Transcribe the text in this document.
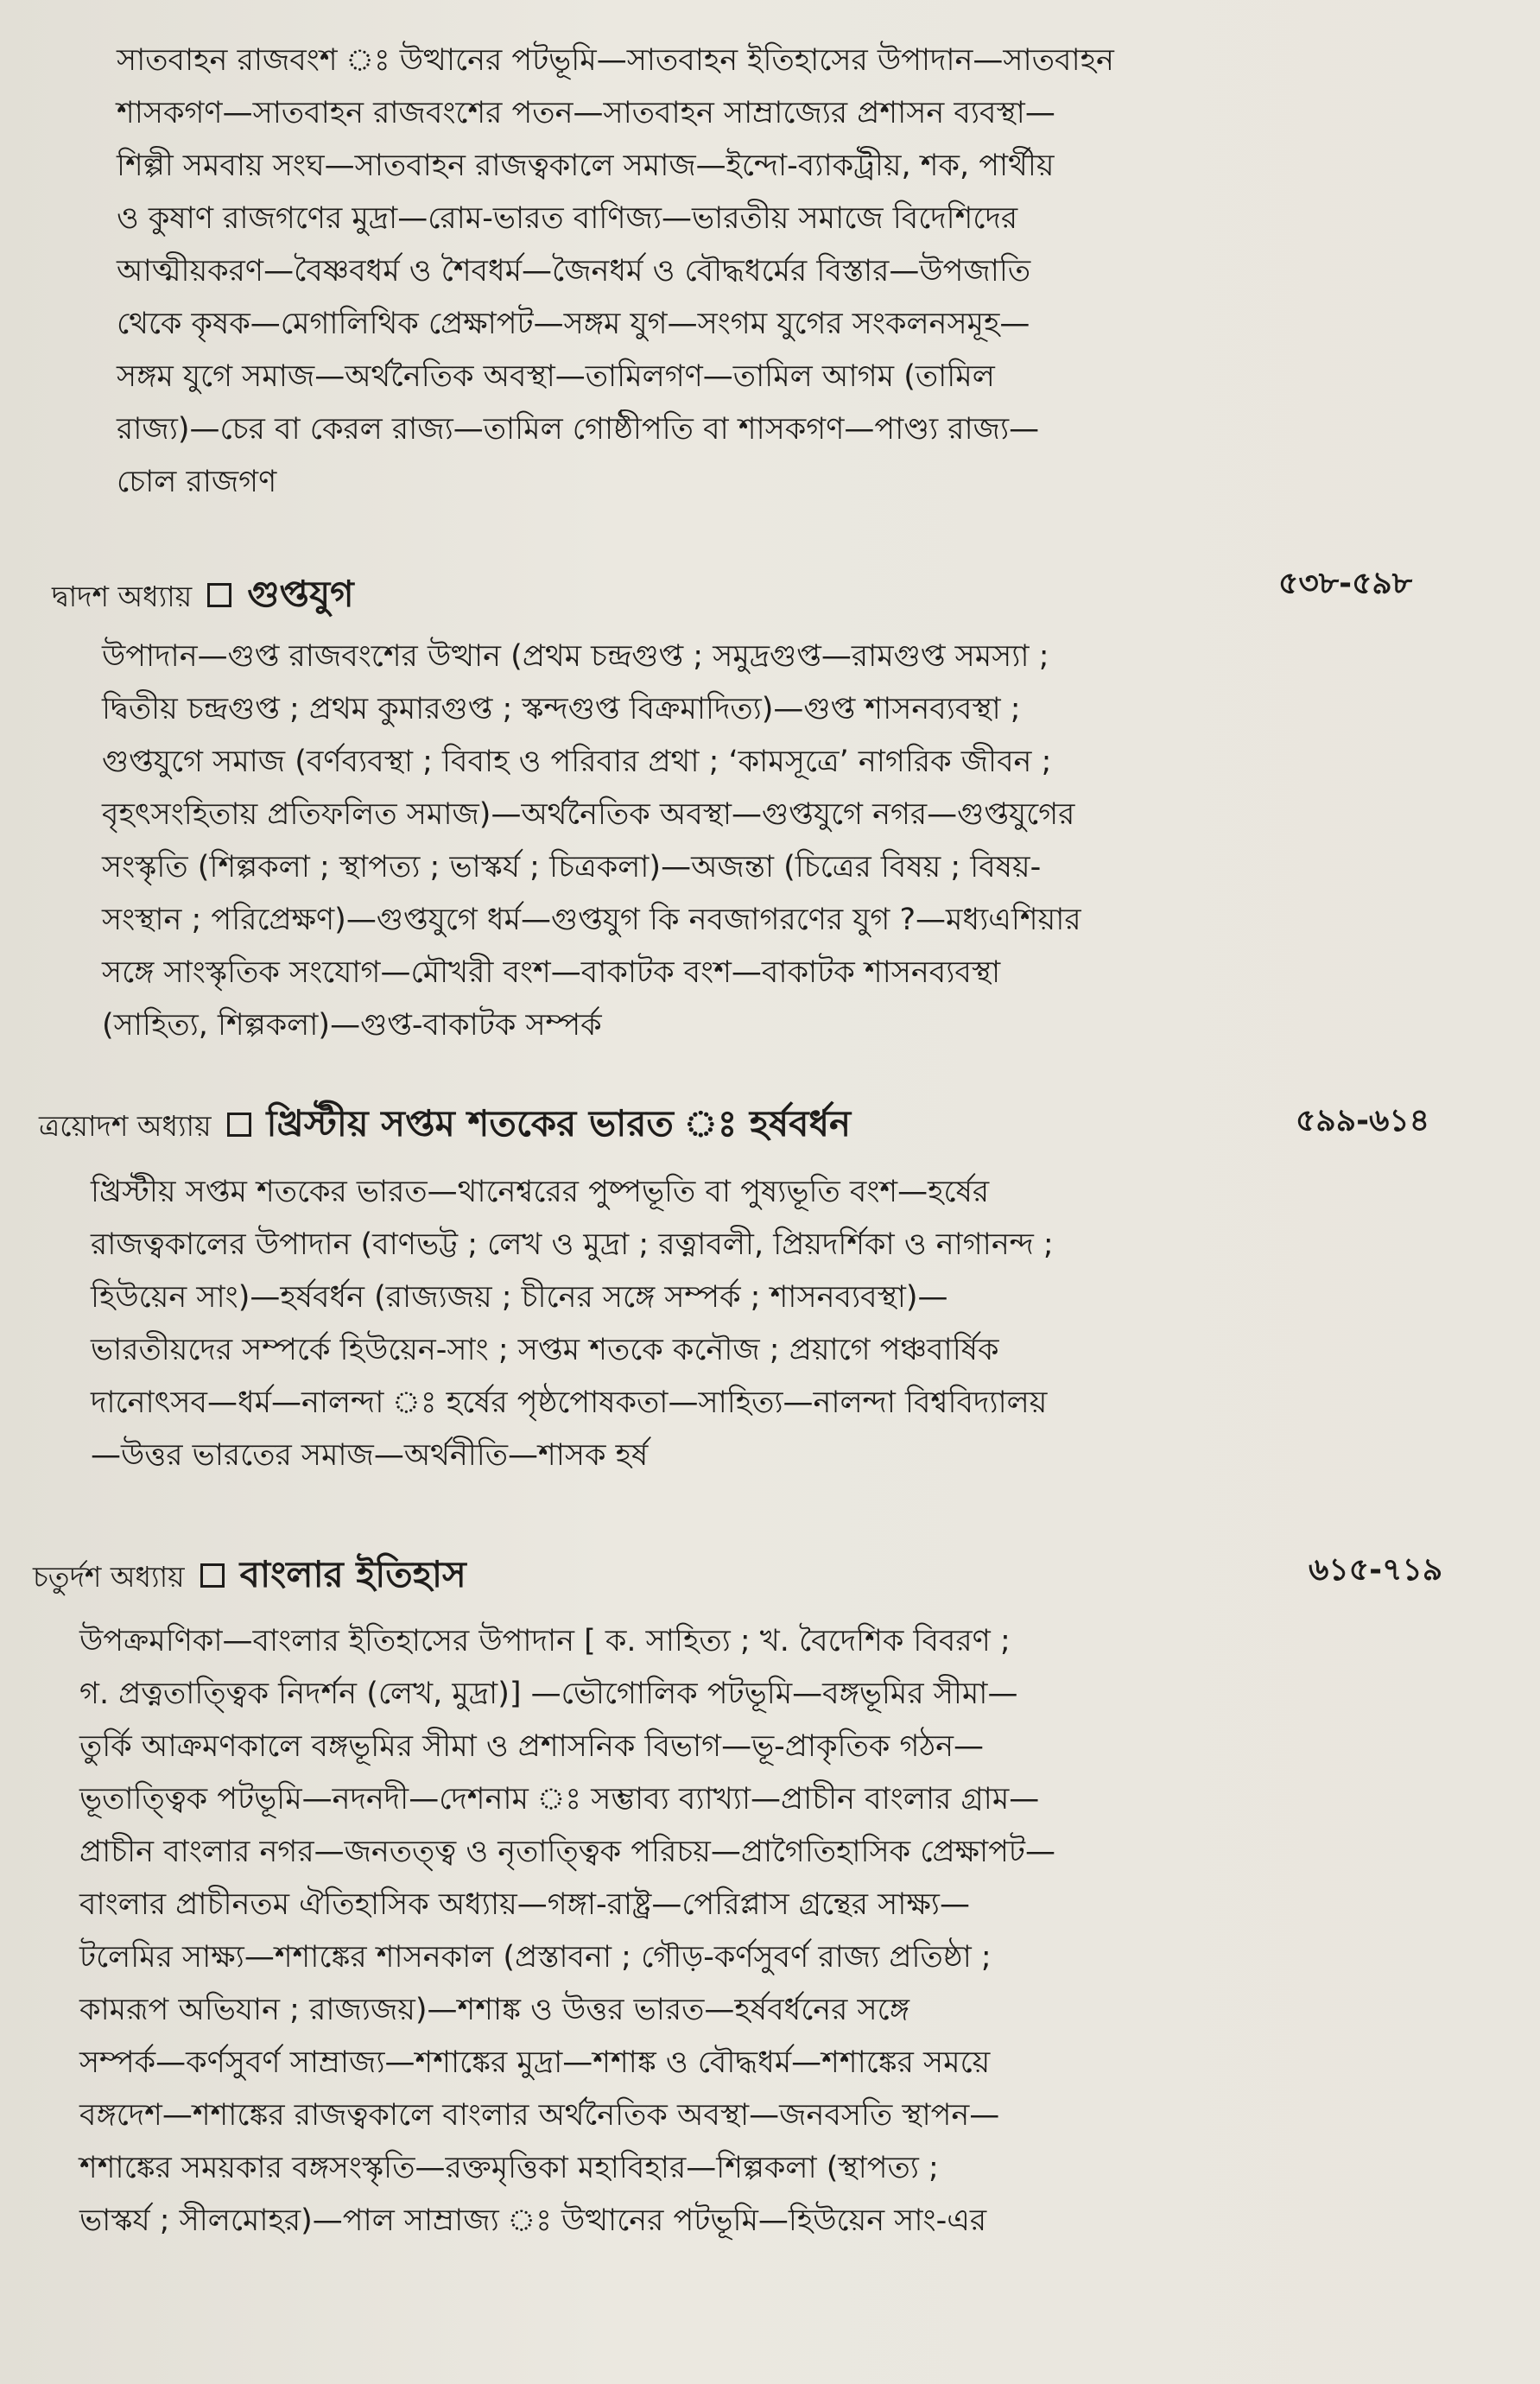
সাতবাহন রাজবংশ ঃ উত্থানের পটভূমি—সাতবাহন ইতিহাসের উপাদান—সাতবাহন
শাসকগণ—সাতবাহন রাজবংশের পতন—সাতবাহন সাম্রাজ্যের প্রশাসন ব্যবস্থা—
শিল্পী সমবায় সংঘ—সাতবাহন রাজত্বকালে সমাজ—ইন্দো-ব্যাকট্রীয়, শক, পার্থীয়
ও কুষাণ রাজগণের মুদ্রা—রোম-ভারত বাণিজ্য—ভারতীয় সমাজে বিদেশিদের
আত্মীয়করণ—বৈষ্ণবধর্ম ও শৈবধর্ম—জৈনধর্ম ও বৌদ্ধধর্মের বিস্তার—উপজাতি
থেকে কৃষক—মেগালিথিক প্রেক্ষাপট—সঙ্গম যুগ—সংগম যুগের সংকলনসমূহ—
সঙ্গম যুগে সমাজ—অর্থনৈতিক অবস্থা—তামিলগণ—তামিল আগম (তামিল
রাজ্য)—চের বা কেরল রাজ্য—তামিল গোষ্ঠীপতি বা শাসকগণ—পাণ্ড্য রাজ্য—
চোল রাজগণ
দ্বাদশ অধ্যায় গুপ্তযুগ	৫৩৮-৫৯৮
উপাদান—গুপ্ত রাজবংশের উত্থান (প্রথম চন্দ্রগুপ্ত ; সমুদ্রগুপ্ত—রামগুপ্ত সমস্যা ;
দ্বিতীয় চন্দ্রগুপ্ত ; প্রথম কুমারগুপ্ত ; স্কন্দগুপ্ত বিক্রমাদিত্য)—গুপ্ত শাসনব্যবস্থা ;
গুপ্তযুগে সমাজ (বর্ণব্যবস্থা ; বিবাহ ও পরিবার প্রথা ; ‘কামসূত্রে’ নাগরিক জীবন ;
বৃহৎসংহিতায় প্রতিফলিত সমাজ)—অর্থনৈতিক অবস্থা—গুপ্তযুগে নগর—গুপ্তযুগের
সংস্কৃতি (শিল্পকলা ; স্থাপত্য ; ভাস্কর্য ; চিত্রকলা)—অজন্তা (চিত্রের বিষয় ; বিষয়-
সংস্থান ; পরিপ্রেক্ষণ)—গুপ্তযুগে ধর্ম—গুপ্তযুগ কি নবজাগরণের যুগ ?—মধ্যএশিয়ার
সঙ্গে সাংস্কৃতিক সংযোগ—মৌখরী বংশ—বাকাটক বংশ—বাকাটক শাসনব্যবস্থা
(সাহিত্য, শিল্পকলা)—গুপ্ত-বাকাটক সম্পর্ক
ত্রয়োদশ অধ্যায় খ্রিস্টীয় সপ্তম শতকের ভারত ঃ হর্ষবর্ধন	৫৯৯-৬১৪
খ্রিস্টীয় সপ্তম শতকের ভারত—থানেশ্বরের পুষ্পভূতি বা পুষ্যভূতি বংশ—হর্ষের
রাজত্বকালের উপাদান (বাণভট্ট ; লেখ ও মুদ্রা ; রত্নাবলী, প্রিয়দর্শিকা ও নাগানন্দ ;
হিউয়েন সাং)—হর্ষবর্ধন (রাজ্যজয় ; চীনের সঙ্গে সম্পর্ক ; শাসনব্যবস্থা)—
ভারতীয়দের সম্পর্কে হিউয়েন-সাং ; সপ্তম শতকে কনৌজ ; প্রয়াগে পঞ্চবার্ষিক
দানোৎসব—ধর্ম—নালন্দা ঃ হর্ষের পৃষ্ঠপোষকতা—সাহিত্য—নালন্দা বিশ্ববিদ্যালয়
—উত্তর ভারতের সমাজ—অর্থনীতি—শাসক হর্ষ
চতুর্দশ অধ্যায় বাংলার ইতিহাস	৬১৫-৭১৯
উপক্রমণিকা—বাংলার ইতিহাসের উপাদান [ ক. সাহিত্য ; খ. বৈদেশিক বিবরণ ;
গ. প্রত্নতাত্ত্বিক নিদর্শন (লেখ, মুদ্রা)] —ভৌগোলিক পটভূমি—বঙ্গভূমির সীমা—
তুর্কি আক্রমণকালে বঙ্গভূমির সীমা ও প্রশাসনিক বিভাগ—ভূ-প্রাকৃতিক গঠন—
ভূতাত্ত্বিক পটভূমি—নদনদী—দেশনাম ঃ সম্ভাব্য ব্যাখ্যা—প্রাচীন বাংলার গ্রাম—
প্রাচীন বাংলার নগর—জনতত্ত্ব ও নৃতাত্ত্বিক পরিচয়—প্রাগৈতিহাসিক প্রেক্ষাপট—
বাংলার প্রাচীনতম ঐতিহাসিক অধ্যায়—গঙ্গা-রাষ্ট্র—পেরিপ্লাস গ্রন্থের সাক্ষ্য—
টলেমির সাক্ষ্য—শশাঙ্কের শাসনকাল (প্রস্তাবনা ; গৌড়-কর্ণসুবর্ণ রাজ্য প্রতিষ্ঠা ;
কামরূপ অভিযান ; রাজ্যজয়)—শশাঙ্ক ও উত্তর ভারত—হর্ষবর্ধনের সঙ্গে
সম্পর্ক—কর্ণসুবর্ণ সাম্রাজ্য—শশাঙ্কের মুদ্রা—শশাঙ্ক ও বৌদ্ধধর্ম—শশাঙ্কের সময়ে
বঙ্গদেশ—শশাঙ্কের রাজত্বকালে বাংলার অর্থনৈতিক অবস্থা—জনবসতি স্থাপন—
শশাঙ্কের সময়কার বঙ্গসংস্কৃতি—রক্তমৃত্তিকা মহাবিহার—শিল্পকলা (স্থাপত্য ;
ভাস্কর্য ; সীলমোহর)—পাল সাম্রাজ্য ঃ উত্থানের পটভূমি—হিউয়েন সাং-এর
